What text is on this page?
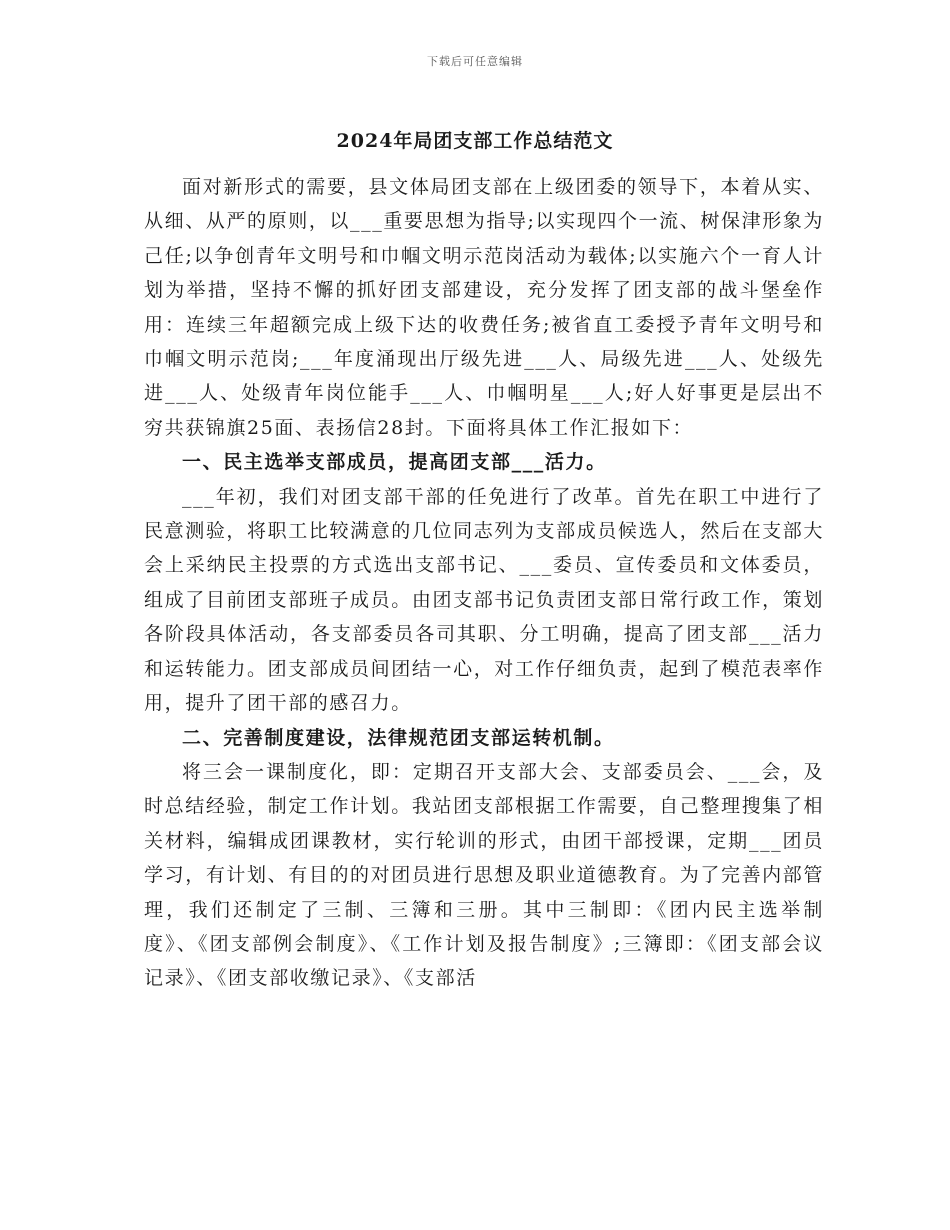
下载后可任意编辑
2024年局团支部工作总结范文

面对新形式的需要，县文体局团支部在上级团委的领导下，本着从实、从细、从严的原则，以___重要思想为指导;以实现四个一流、树保津形象为己任;以争创青年文明号和巾帼文明示范岗活动为载体;以实施六个一育人计划为举措，坚持不懈的抓好团支部建设，充分发挥了团支部的战斗堡垒作用：连续三年超额完成上级下达的收费任务;被省直工委授予青年文明号和巾帼文明示范岗;___年度涌现出厅级先进___人、局级先进___人、处级先进___人、处级青年岗位能手___人、巾帼明星___人;好人好事更是层出不穷共获锦旗25面、表扬信28封。下面将具体工作汇报如下：

一、民主选举支部成员，提高团支部___活力。

___年初，我们对团支部干部的任免进行了改革。首先在职工中进行了民意测验，将职工比较满意的几位同志列为支部成员候选人，然后在支部大会上采纳民主投票的方式选出支部书记、___委员、宣传委员和文体委员，组成了目前团支部班子成员。由团支部书记负责团支部日常行政工作，策划各阶段具体活动，各支部委员各司其职、分工明确，提高了团支部___活力和运转能力。团支部成员间团结一心，对工作仔细负责，起到了模范表率作用，提升了团干部的感召力。

二、完善制度建设，法律规范团支部运转机制。

将三会一课制度化，即：定期召开支部大会、支部委员会、___会，及时总结经验，制定工作计划。我站团支部根据工作需要，自己整理搜集了相关材料，编辑成团课教材，实行轮训的形式，由团干部授课，定期___团员学习，有计划、有目的的对团员进行思想及职业道德教育。为了完善内部管理，我们还制定了三制、三簿和三册。其中三制即：《团内民主选举制度》、《团支部例会制度》、《工作计划及报告制度》;三簿即：《团支部会议记录》、《团支部收缴记录》、《支部活
